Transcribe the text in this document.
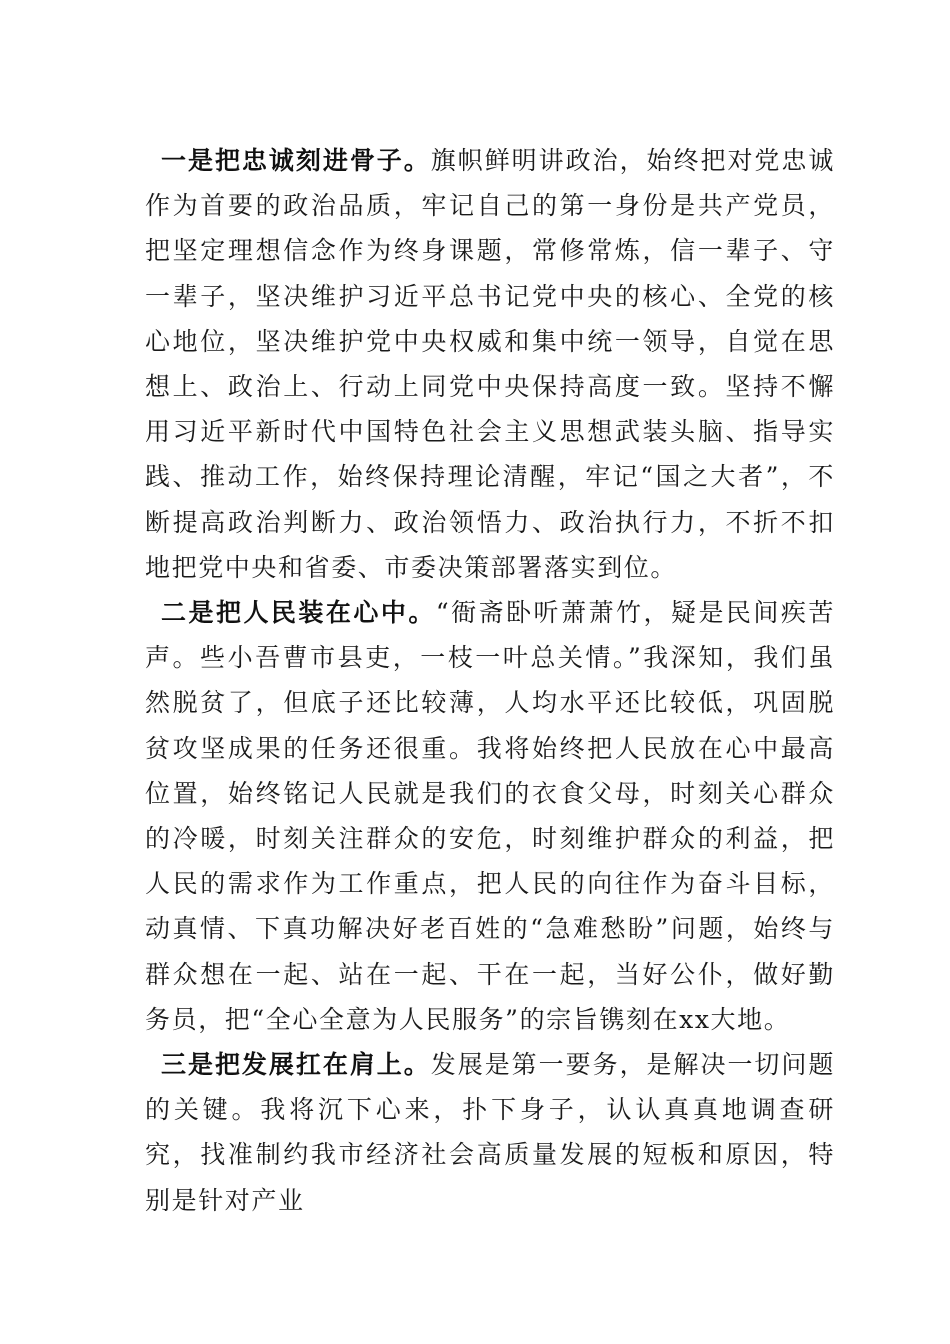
一是把忠诚刻进骨子。旗帜鲜明讲政治，始终把对党忠诚作为首要的政治品质，牢记自己的第一身份是共产党员，把坚定理想信念作为终身课题，常修常炼，信一辈子、守一辈子，坚决维护习近平总书记党中央的核心、全党的核心地位，坚决维护党中央权威和集中统一领导，自觉在思想上、政治上、行动上同党中央保持高度一致。坚持不懈用习近平新时代中国特色社会主义思想武装头脑、指导实践、推动工作，始终保持理论清醒，牢记“国之大者”，不断提高政治判断力、政治领悟力、政治执行力，不折不扣地把党中央和省委、市委决策部署落实到位。

二是把人民装在心中。“衙斋卧听萧萧竹，疑是民间疾苦声。些小吾曹市县吏，一枝一叶总关情。”我深知，我们虽然脱贫了，但底子还比较薄，人均水平还比较低，巩固脱贫攻坚成果的任务还很重。我将始终把人民放在心中最高位置，始终铭记人民就是我们的衣食父母，时刻关心群众的冷暖，时刻关注群众的安危，时刻维护群众的利益，把人民的需求作为工作重点，把人民的向往作为奋斗目标，动真情、下真功解决好老百姓的“急难愁盼”问题，始终与群众想在一起、站在一起、干在一起，当好公仆，做好勤务员，把“全心全意为人民服务”的宗旨镌刻在xx大地。

三是把发展扛在肩上。发展是第一要务，是解决一切问题的关键。我将沉下心来，扑下身子，认认真真地调查研究，找准制约我市经济社会高质量发展的短板和原因，特别是针对产业
